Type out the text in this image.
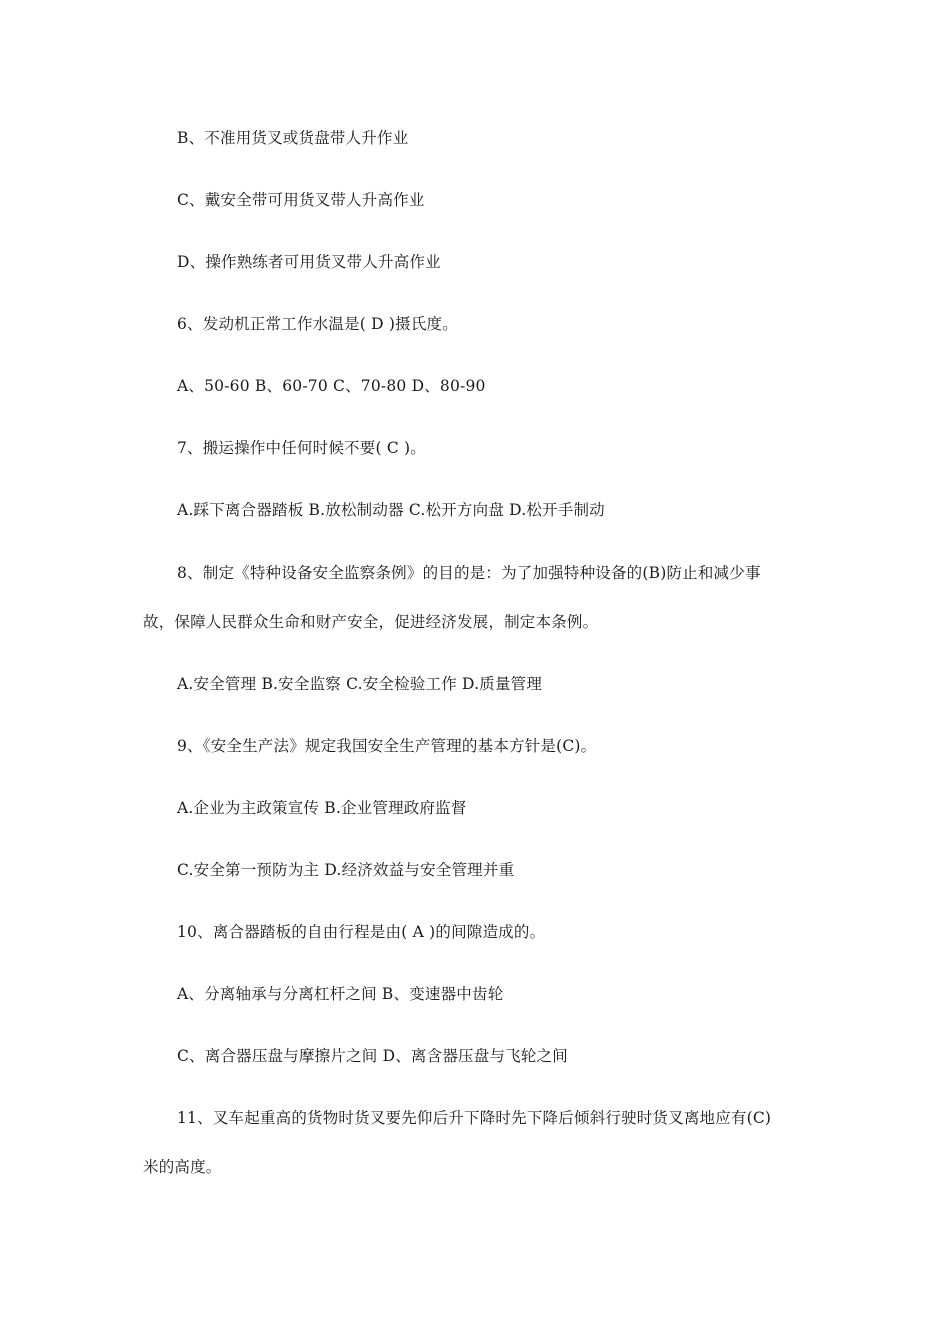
B、不准用货叉或货盘带人升作业
C、戴安全带可用货叉带人升高作业
D、操作熟练者可用货叉带人升高作业
6、发动机正常工作水温是( D )摄氏度。
A、50-60 B、60-70 C、70-80 D、80-90
7、搬运操作中任何时候不要( C )。
A.踩下离合器踏板 B.放松制动器 C.松开方向盘 D.松开手制动
8、制定《特种设备安全监察条例》的目的是：为了加强特种设备的(B)防止和减少事
故，保障人民群众生命和财产安全，促进经济发展，制定本条例。
A.安全管理 B.安全监察 C.安全检验工作 D.质量管理
9、《安全生产法》规定我国安全生产管理的基本方针是(C)。
A.企业为主政策宣传 B.企业管理政府监督
C.安全第一预防为主 D.经济效益与安全管理并重
10、离合器踏板的自由行程是由( A )的间隙造成的。
A、分离轴承与分离杠杆之间 B、变速器中齿轮
C、离合器压盘与摩擦片之间 D、离含器压盘与飞轮之间
11、叉车起重高的货物时货叉要先仰后升下降时先下降后倾斜行驶时货叉离地应有(C)
米的高度。
